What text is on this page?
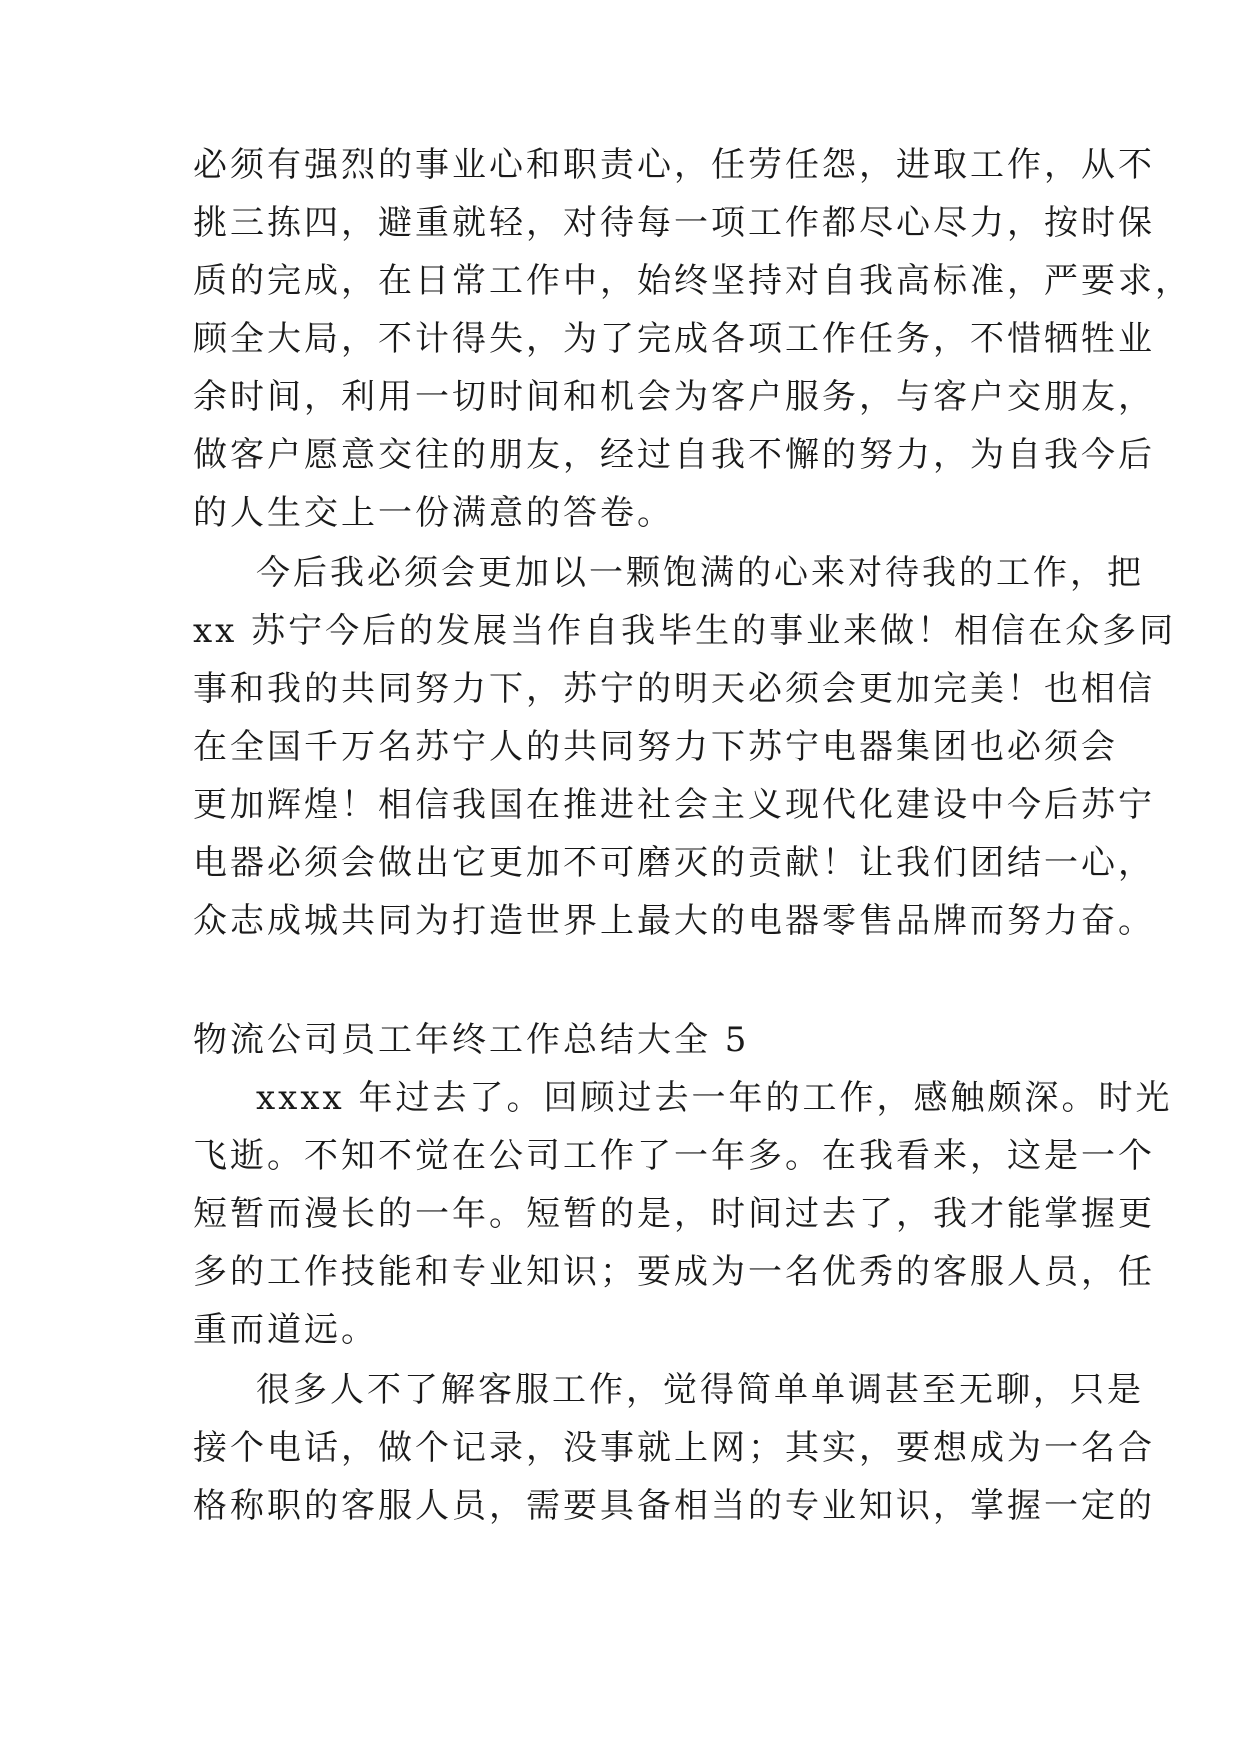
必须有强烈的事业心和职责心，任劳任怨，进取工作，从不
挑三拣四，避重就轻，对待每一项工作都尽心尽力，按时保
质的完成，在日常工作中，始终坚持对自我高标准，严要求，
顾全大局，不计得失，为了完成各项工作任务，不惜牺牲业
余时间，利用一切时间和机会为客户服务，与客户交朋友，
做客户愿意交往的朋友，经过自我不懈的努力，为自我今后
的人生交上一份满意的答卷。
今后我必须会更加以一颗饱满的心来对待我的工作，把
xx 苏宁今后的发展当作自我毕生的事业来做！相信在众多同
事和我的共同努力下，苏宁的明天必须会更加完美！也相信
在全国千万名苏宁人的共同努力下苏宁电器集团也必须会
更加辉煌！相信我国在推进社会主义现代化建设中今后苏宁
电器必须会做出它更加不可磨灭的贡献！让我们团结一心，
众志成城共同为打造世界上最大的电器零售品牌而努力奋。
物流公司员工年终工作总结大全 5
xxxx 年过去了。回顾过去一年的工作，感触颇深。时光
飞逝。不知不觉在公司工作了一年多。在我看来，这是一个
短暂而漫长的一年。短暂的是，时间过去了，我才能掌握更
多的工作技能和专业知识；要成为一名优秀的客服人员，任
重而道远。
很多人不了解客服工作，觉得简单单调甚至无聊，只是
接个电话，做个记录，没事就上网；其实，要想成为一名合
格称职的客服人员，需要具备相当的专业知识，掌握一定的
